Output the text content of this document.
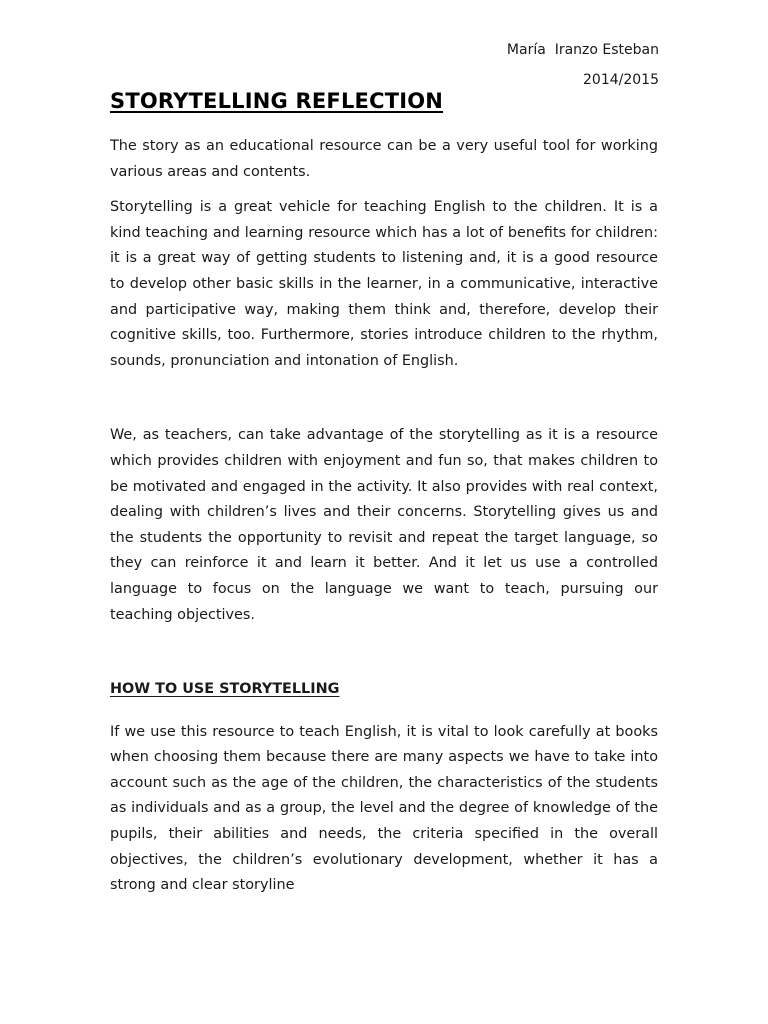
María  Iranzo Esteban
2014/2015
STORYTELLING REFLECTION

The story as an educational resource can be a very useful tool for working various areas and contents.

Storytelling is a great vehicle for teaching English to the children. It is a kind teaching and learning resource which has a lot of benefits for children: it is a great way of getting students to listening and, it is a good resource to develop other basic skills in the learner, in a communicative, interactive and participative way, making them think and, therefore, develop their cognitive skills, too. Furthermore, stories introduce children to the rhythm, sounds, pronunciation and intonation of English.

We, as teachers, can take advantage of the storytelling as it is a resource which provides children with enjoyment and fun so, that makes children to be motivated and engaged in the activity. It also provides with real context, dealing with children’s lives and their concerns. Storytelling gives us and the students the opportunity to revisit and repeat the target language, so they can reinforce it and learn it better. And it let us use a controlled language to focus on the language we want to teach, pursuing our teaching objectives.

HOW TO USE STORYTELLING

If we use this resource to teach English, it is vital to look carefully at books when choosing them because there are many aspects we have to take into account such as the age of the children, the characteristics of the students as individuals and as a group, the level and the degree of knowledge of the pupils, their abilities and needs, the criteria specified in the overall objectives, the children’s evolutionary development, whether it has a strong and clear storyline
